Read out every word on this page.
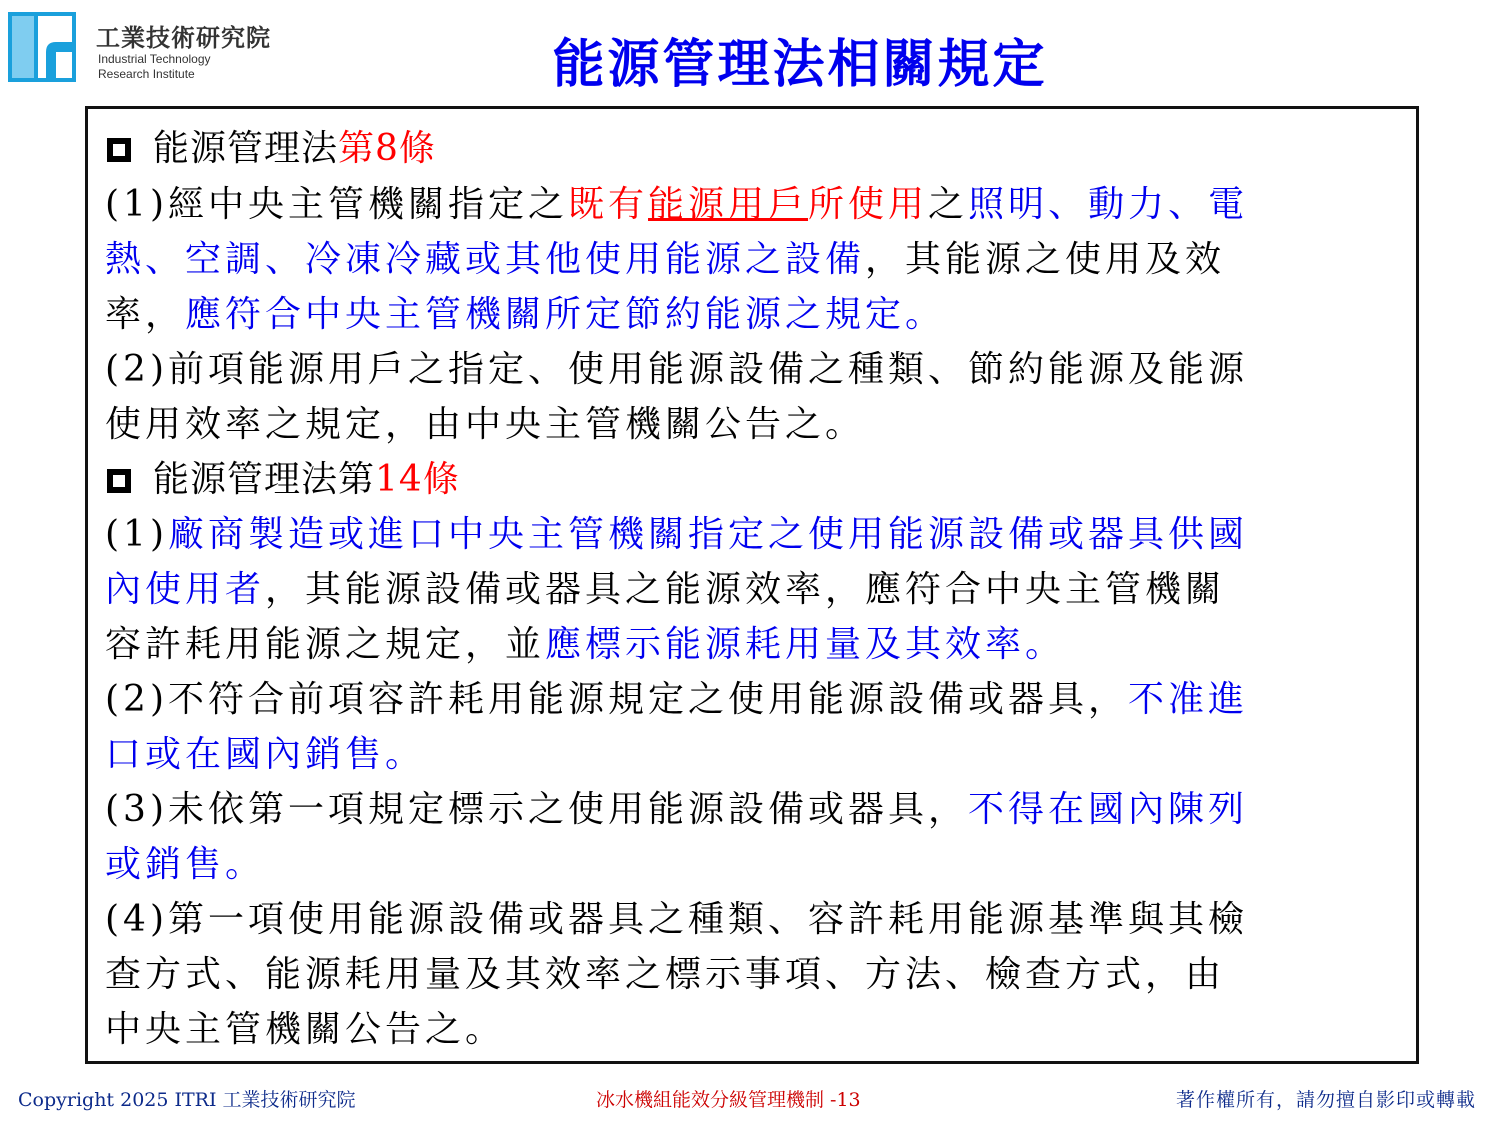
工業技術研究院
Industrial Technology
Research Institute	能源管理法相關規定
能源管理法第8條
(1)經中央主管機關指定之既有能源用戶所使用之照明、動力、電
熱、空調、冷凍冷藏或其他使用能源之設備，其能源之使用及效
率，應符合中央主管機關所定節約能源之規定。
(2)前項能源用戶之指定、使用能源設備之種類、節約能源及能源
使用效率之規定，由中央主管機關公告之。
能源管理法第14條
(1)廠商製造或進口中央主管機關指定之使用能源設備或器具供國
內使用者，其能源設備或器具之能源效率，應符合中央主管機關
容許耗用能源之規定，並應標示能源耗用量及其效率。
(2)不符合前項容許耗用能源規定之使用能源設備或器具，不准進
口或在國內銷售。
(3)未依第一項規定標示之使用能源設備或器具，不得在國內陳列
或銷售。
(4)第一項使用能源設備或器具之種類、容許耗用能源基準與其檢
查方式、能源耗用量及其效率之標示事項、方法、檢查方式，由
中央主管機關公告之。
Copyright 2025 ITRI 工業技術研究院	冰水機組能效分級管理機制 -13	著作權所有，請勿擅自影印或轉載
